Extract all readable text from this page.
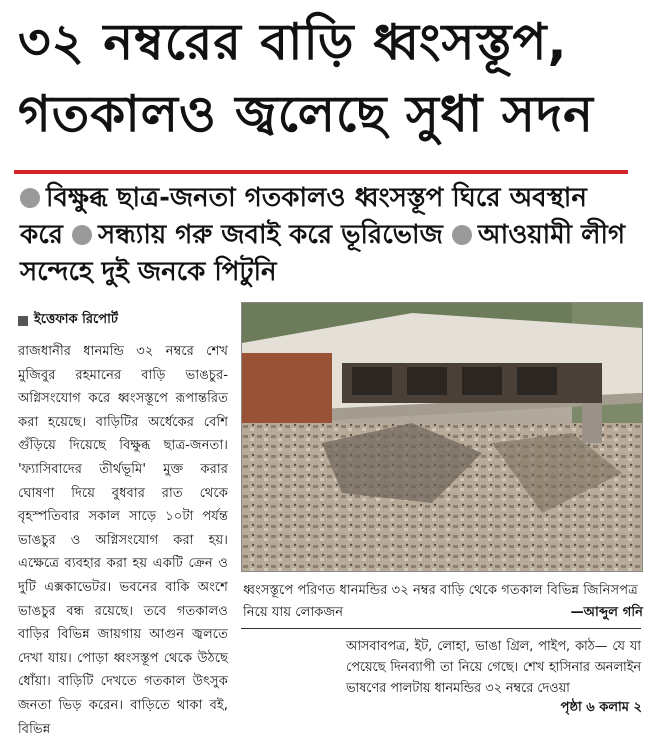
৩২ নম্বরের বাড়ি ধ্বংসস্তূপ,
গতকালও জ্বলেছে সুধা সদন
বিক্ষুব্ধ ছাত্র-জনতা গতকালও ধ্বংসস্তূপ ঘিরে অবস্থান করে সন্ধ্যায় গরু জবাই করে ভূরিভোজ আওয়ামী লীগ সন্দেহে দুই জনকে পিটুনি
ইত্তেফাক রিপোর্ট
রাজধানীর ধানমন্ডি ৩২ নম্বরে শেখ মুজিবুর রহমানের বাড়ি ভাঙচুর-অগ্নিসংযোগ করে ধ্বংসস্তূপে রূপান্তরিত করা হয়েছে। বাড়িটির অর্ধেকের বেশি গুঁড়িয়ে দিয়েছে বিক্ষুব্ধ ছাত্র-জনতা। 'ফ্যাসিবাদের তীর্থভূমি' মুক্ত করার ঘোষণা দিয়ে বুধবার রাত থেকে বৃহস্পতিবার সকাল সাড়ে ১০টা পর্যন্ত ভাঙচুর ও অগ্নিসংযোগ করা হয়। এক্ষেত্রে ব্যবহার করা হয় একটি ক্রেন ও দুটি এক্সকাভেটর। ভবনের বাকি অংশে ভাঙচুর বন্ধ রয়েছে। তবে গতকালও বাড়ির বিভিন্ন জায়গায় আগুন জ্বলতে দেখা যায়। পোড়া ধ্বংসস্তূপ থেকে উঠছে ধোঁয়া। বাড়িটি দেখতে গতকাল উৎসুক জনতা ভিড় করেন। বাড়িতে থাকা বই, বিভিন্ন
ধ্বংসস্তূপে পরিণত ধানমন্ডির ৩২ নম্বর বাড়ি থেকে গতকাল বিভিন্ন জিনিসপত্র নিয়ে যায় লোকজন	—আব্দুল গনি
আসবাবপত্র, ইট, লোহা, ভাঙা গ্রিল, পাইপ, কাঠ— যে যা পেয়েছে দিনব্যাপী তা নিয়ে গেছে। শেখ হাসিনার অনলাইন ভাষণের পালটায় ধানমন্ডির ৩২ নম্বরে দেওয়া
পৃষ্ঠা ৬ কলাম ২
